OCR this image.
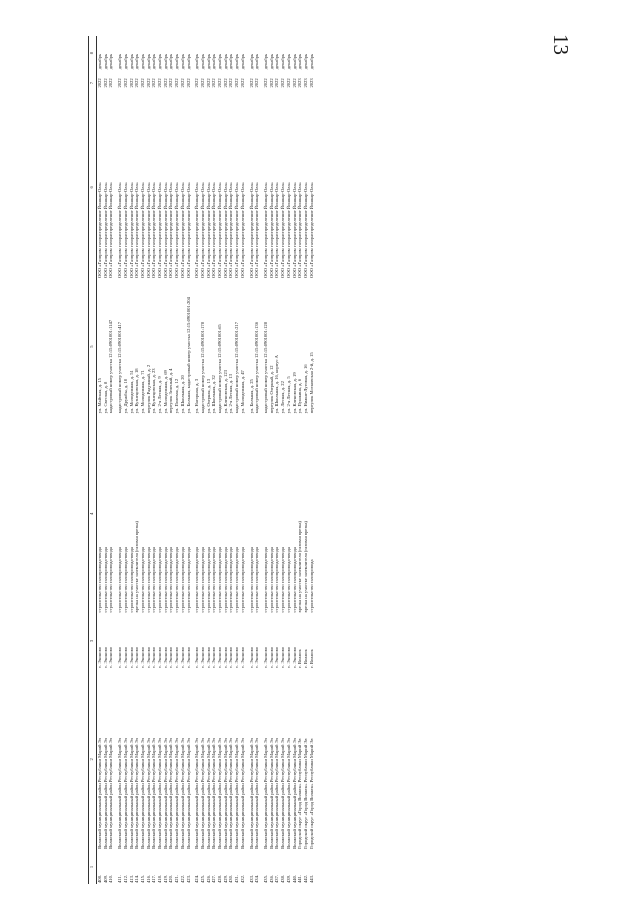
13
1	2	3	4	5	6	7	8
408.	Волжский муниципальный район Республики Марий Эл	с. Эконово	строительство газопровода-ввода	ул. Майская, д. 15	ООО «Газпром газораспределение Йошкар-Ола»	2022	декабрь
409.	Волжский муниципальный район Республики Марий Эл	с. Эконово	строительство газопровода-ввода	ул. Светлая, д. 8	ООО «Газпром газораспределение Йошкар-Ола»	2022	декабрь
410.	Волжский муниципальный район Республики Марий Эл	с. Эконово	строительство газопровода-ввода	кадастровый номер участка 12:15:0901001:1147	ООО «Газпром газораспределение Йошкар-Ола»	2022	декабрь

411.	Волжский муниципальный район Республики Марий Эл	с. Эконово	строительство газопровода-ввода	кадастровый номер участка 12:15:0901001:417	ООО «Газпром газораспределение Йошкар-Ола»	2022	декабрь
412.	Волжский муниципальный район Республики Марий Эл	с. Эконово	строительство газопровода-ввода	ул. Дружбы, д. 10	ООО «Газпром газораспределение Йошкар-Ола»	2022	декабрь
413.	Волжский муниципальный район Республики Марий Эл	с. Эконово	строительство газопровода-ввода	ул. Молодежная, д. 51	ООО «Газпром газораспределение Йошкар-Ола»	2022	декабрь
414.	Волжский муниципальный район Республики Марий Эл	с. Эконово	врезка на участке заземлителя (газовая врезка)	ул. Кузнецовская, д. 18	ООО «Газпром газораспределение Йошкар-Ола»	2022	декабрь
415.	Волжский муниципальный район Республики Марий Эл	с. Эконово	строительство газопровода-ввода	ул. Молодежная, д. 71	ООО «Газпром газораспределение Йошкар-Ола»	2022	декабрь
416.	Волжский муниципальный район Республики Марий Эл	с. Эконово	строительство газопровода-ввода	переулок Радужный, д. 2	ООО «Газпром газораспределение Йошкар-Ола»	2022	декабрь
417.	Волжский муниципальный район Республики Марий Эл	с. Эконово	строительство газопровода-ввода	ул. Кузнецовская, д. 23	ООО «Газпром газораспределение Йошкар-Ола»	2022	декабрь
418.	Волжский муниципальный район Республики Марий Эл	с. Эконово	строительство газопровода-ввода	ул. 2-я Лесная, д. 9	ООО «Газпром газораспределение Йошкар-Ола»	2022	декабрь
419.	Волжский муниципальный район Республики Марий Эл	с. Эконово	строительство газопровода-ввода	ул. Молодежная, д. 69	ООО «Газпром газораспределение Йошкар-Ола»	2022	декабрь
420.	Волжский муниципальный район Республики Марий Эл	с. Эконово	строительство газопровода-ввода	переулок Зеленый, д. 4	ООО «Газпром газораспределение Йошкар-Ола»	2022	декабрь
421.	Волжский муниципальный район Республики Марий Эл	с. Эконово	строительство газопровода-ввода	ул. Полевая, д. 12	ООО «Газпром газораспределение Йошкар-Ола»	2022	декабрь
422.	Волжский муниципальный район Республики Марий Эл	с. Эконово	строительство газопровода-ввода	ул. Школьная, д. 20	ООО «Газпром газораспределение Йошкар-Ола»	2022	декабрь
423.	Волжский муниципальный район Республики Марий Эл	с. Эконово	строительство газопровода-ввода	ул. Больная, кадастровый номер участка 12:15:0901001:204	ООО «Газпром газораспределение Йошкар-Ола»	2022	декабрь

424.	Волжский муниципальный район Республики Марий Эл	с. Эконово	строительство газопровода-ввода	ул. Нагорная, д. 3	ООО «Газпром газораспределение Йошкар-Ола»	2022	декабрь
425.	Волжский муниципальный район Республики Марий Эл	с. Эконово	строительство газопровода-ввода	кадастровый номер участка 12:15:0901001:178	ООО «Газпром газораспределение Йошкар-Ола»	2022	декабрь
426.	Волжский муниципальный район Республики Марий Эл	с. Эконово	строительство газопровода-ввода	ул. Озерная, д. 13	ООО «Газпром газораспределение Йошкар-Ола»	2022	декабрь
427.	Волжский муниципальный район Республики Марий Эл	с. Эконово	строительство газопровода-ввода	ул. Школьная, д. 32	ООО «Газпром газораспределение Йошкар-Ола»	2022	декабрь
428.	Волжский муниципальный район Республики Марий Эл	с. Эконово	строительство газопровода-ввода	кадастровый номер участка 12:15:0901001:65	ООО «Газпром газораспределение Йошкар-Ола»	2022	декабрь
429.	Волжский муниципальный район Республики Марий Эл	с. Эконово	строительство газопровода-ввода	ул. Кленовская, д. 123	ООО «Газпром газораспределение Йошкар-Ола»	2022	декабрь
430.	Волжский муниципальный район Республики Марий Эл	с. Эконово	строительство газопровода-ввода	ул. 2-я Лесная, д. 13	ООО «Газпром газораспределение Йошкар-Ола»	2022	декабрь
431.	Волжский муниципальный район Республики Марий Эл	с. Эконово	строительство газопровода-ввода	кадастровый номер участка 12:15:0901001:217	ООО «Газпром газораспределение Йошкар-Ола»	2022	декабрь
432.	Волжский муниципальный район Республики Марий Эл	с. Эконово	строительство газопровода-ввода	ул. Молодежная, д. 47	ООО «Газпром газораспределение Йошкар-Ола»	2022	декабрь

433.	Волжский муниципальный район Республики Марий Эл	с. Эконово	строительство газопровода-ввода	ул. Больная, д. 25	ООО «Газпром газораспределение Йошкар-Ола»	2022	декабрь
434.	Волжский муниципальный район Республики Марий Эл	с. Эконово	строительство газопровода-ввода	кадастровый номер участка 12:15:0901001:136	ООО «Газпром газораспределение Йошкар-Ола»	2022	декабрь

435.	Волжский муниципальный район Республики Марий Эл	с. Эконово	строительство газопровода-ввода	кадастровый номер участка 12:15:0901001:128	ООО «Газпром газораспределение Йошкар-Ола»	2022	декабрь
436.	Волжский муниципальный район Республики Марий Эл	с. Эконово	строительство газопровода-ввода	переулок Озерный, д. 12	ООО «Газпром газораспределение Йошкар-Ола»	2022	декабрь
437.	Волжский муниципальный район Республики Марий Эл	с. Эконово	строительство газопровода-ввода	ул. Школьная, д. 16, корпус А	ООО «Газпром газораспределение Йошкар-Ола»	2022	декабрь
438.	Волжский муниципальный район Республики Марий Эл	с. Эконово	строительство газопровода-ввода	ул. Лесная, д. 22	ООО «Газпром газораспределение Йошкар-Ола»	2022	декабрь
439.	Волжский муниципальный район Республики Марий Эл	с. Эконово	строительство газопровода-ввода	ул. 2-я Лесная, д. 5	ООО «Газпром газораспределение Йошкар-Ола»	2022	декабрь
440.	Волжский муниципальный район Республики Марий Эл	с. Эконово	строительство газопровода-ввода	ул. Кленовская, д. 19	ООО «Газпром газораспределение Йошкар-Ола»	2022	декабрь
441.	Городской округ «Город Волжск» Республики Марий Эл	г. Волжск	врезка на участке заземлителя (газовая врезка)	ул. Пушкина, д. 6	ООО «Газпром газораспределение Йошкар-Ола»	2023	декабрь
442.	Городской округ «Город Волжск» Республики Марий Эл	г. Волжск	врезка на участке заземлителя (газовая врезка)	ул. Нижне-Луговая, д. 16	ООО «Газпром газораспределение Йошкар-Ола»	2023	декабрь
443.	Городской округ «Город Волжск» Республики Марий Эл	г. Волжск	строительство газопровода	переулок Московская 2-й, д. 15	ООО «Газпром газораспределение Йошкар-Ола»	2023	декабрь
